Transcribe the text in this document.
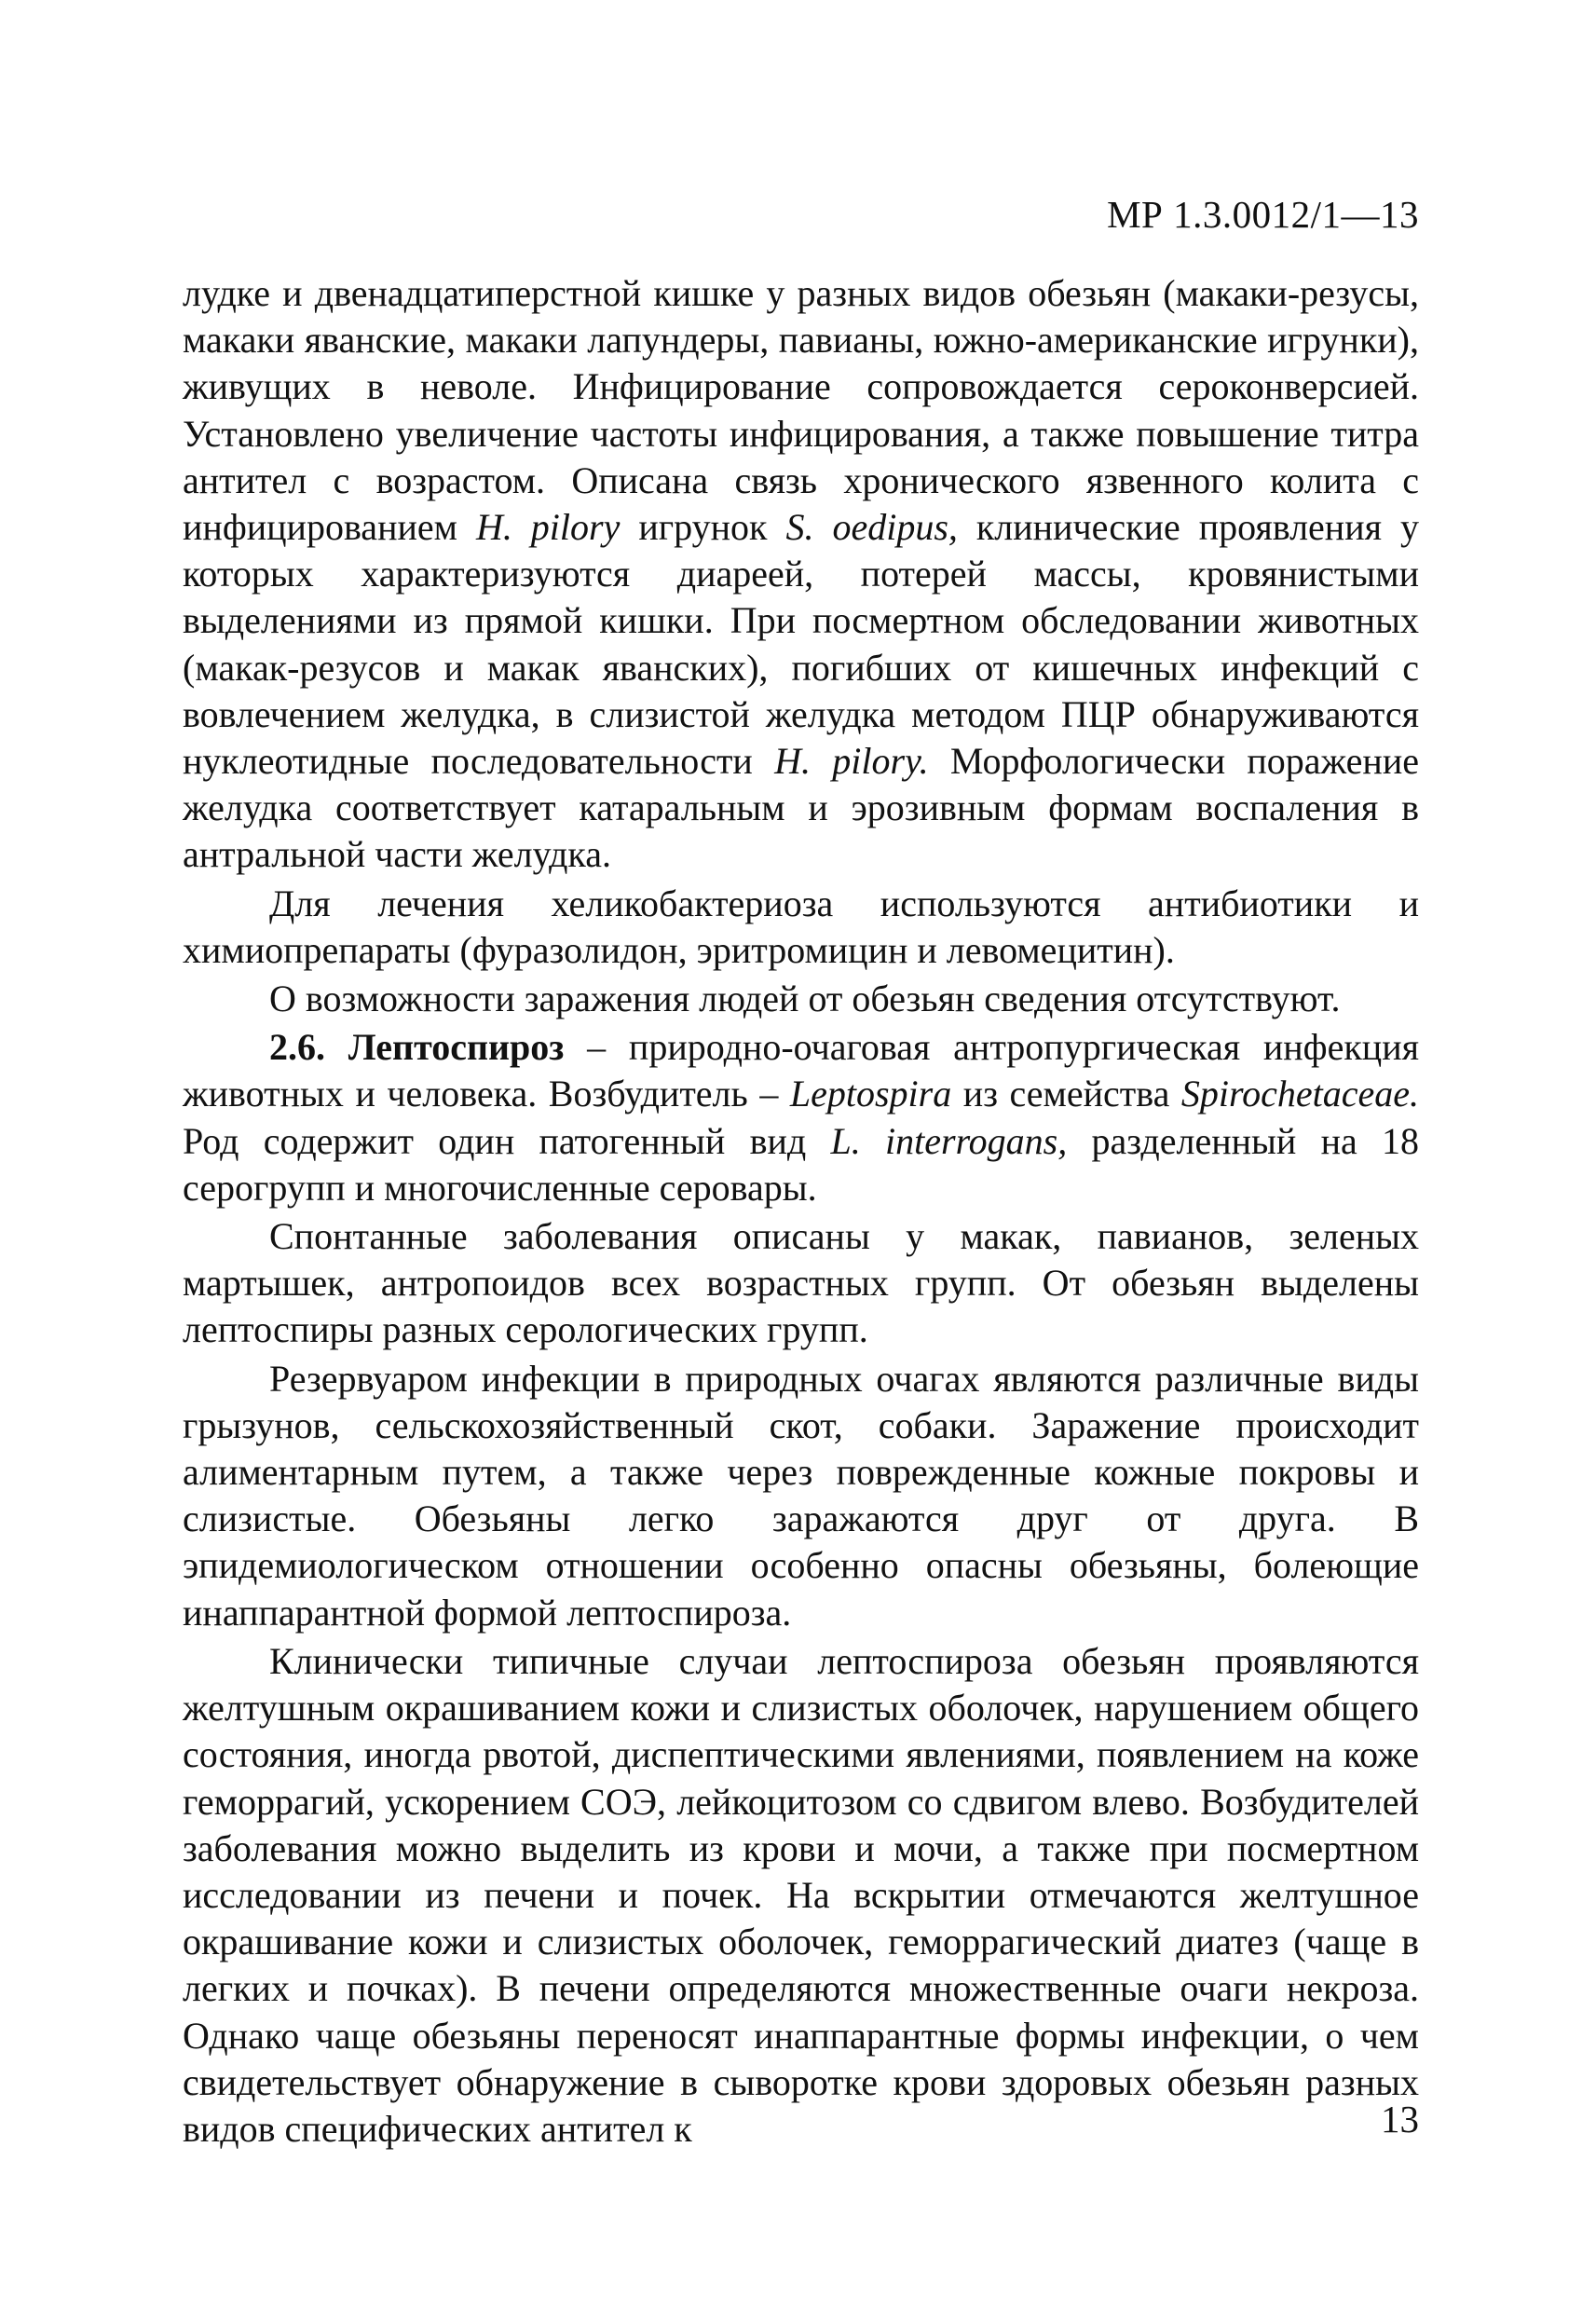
МР 1.3.0012/1—13

лудке и двенадцатиперстной кишке у разных видов обезьян (макаки-резусы, макаки яванские, макаки лапундеры, павианы, южно-американские игрунки), живущих в неволе. Инфицирование сопровождается сероконверсией. Установлено увеличение частоты инфицирования, а также повышение титра антител с возрастом. Описана связь хронического язвенного колита с инфицированием H. pilory игрунок S. oedipus, клинические проявления у которых характеризуются диареей, потерей массы, кровянистыми выделениями из прямой кишки. При посмертном обследовании животных (макак-резусов и макак яванских), погибших от кишечных инфекций с вовлечением желудка, в слизистой желудка методом ПЦР обнаруживаются нуклеотидные последовательности H. pilory. Морфологически поражение желудка соответствует катаральным и эрозивным формам воспаления в антральной части желудка.

Для лечения хеликобактериоза используются антибиотики и химиопрепараты (фуразолидон, эритромицин и левомецитин).

О возможности заражения людей от обезьян сведения отсутствуют.

2.6. Лептоспироз – природно-очаговая антропургическая инфекция животных и человека. Возбудитель – Leptospira из семейства Spirochetaceae. Род содержит один патогенный вид L. interrogans, разделенный на 18 серогрупп и многочисленные серовары.

Спонтанные заболевания описаны у макак, павианов, зеленых мартышек, антропоидов всех возрастных групп. От обезьян выделены лептоспиры разных серологических групп.

Резервуаром инфекции в природных очагах являются различные виды грызунов, сельскохозяйственный скот, собаки. Заражение происходит алиментарным путем, а также через поврежденные кожные покровы и слизистые. Обезьяны легко заражаются друг от друга. В эпидемиологическом отношении особенно опасны обезьяны, болеющие инаппарантной формой лептоспироза.

Клинически типичные случаи лептоспироза обезьян проявляются желтушным окрашиванием кожи и слизистых оболочек, нарушением общего состояния, иногда рвотой, диспептическими явлениями, появлением на коже геморрагий, ускорением СОЭ, лейкоцитозом со сдвигом влево. Возбудителей заболевания можно выделить из крови и мочи, а также при посмертном исследовании из печени и почек. На вскрытии отмечаются желтушное окрашивание кожи и слизистых оболочек, геморрагический диатез (чаще в легких и почках). В печени определяются множественные очаги некроза. Однако чаще обезьяны переносят инаппарантные формы инфекции, о чем свидетельствует обнаружение в сыворотке крови здоровых обезьян разных видов специфических антител к	13
